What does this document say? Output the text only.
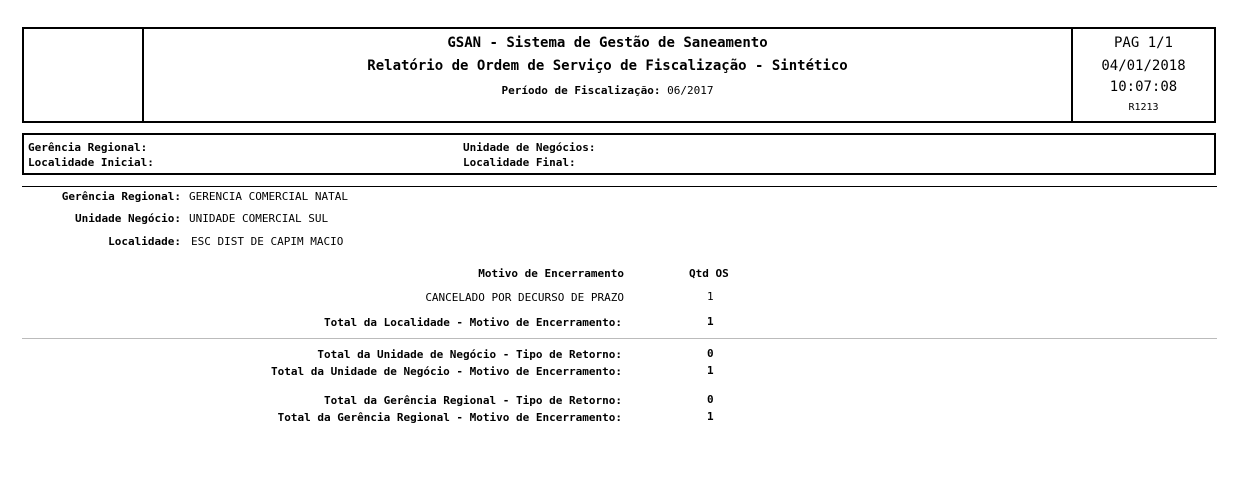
GSAN - Sistema de Gestão de Saneamento
Relatório de Ordem de Serviço de Fiscalização - Sintético
Período de Fiscalização: 06/2017
PAG 1/1
04/01/2018
10:07:08
R1213
Gerência Regional:
Localidade Inicial:
Unidade de Negócios:
Localidade Final:
Gerência Regional: GERENCIA COMERCIAL NATAL
Unidade Negócio: UNIDADE COMERCIAL SUL
Localidade: ESC DIST DE CAPIM MACIO
Motivo de Encerramento	Qtd OS
CANCELADO POR DECURSO DE PRAZO	1
Total da Localidade - Motivo de Encerramento:	1
Total da Unidade de Negócio - Tipo de Retorno:	0
Total da Unidade de Negócio - Motivo de Encerramento:	1
Total da Gerência Regional - Tipo de Retorno:	0
Total da Gerência Regional - Motivo de Encerramento:	1
